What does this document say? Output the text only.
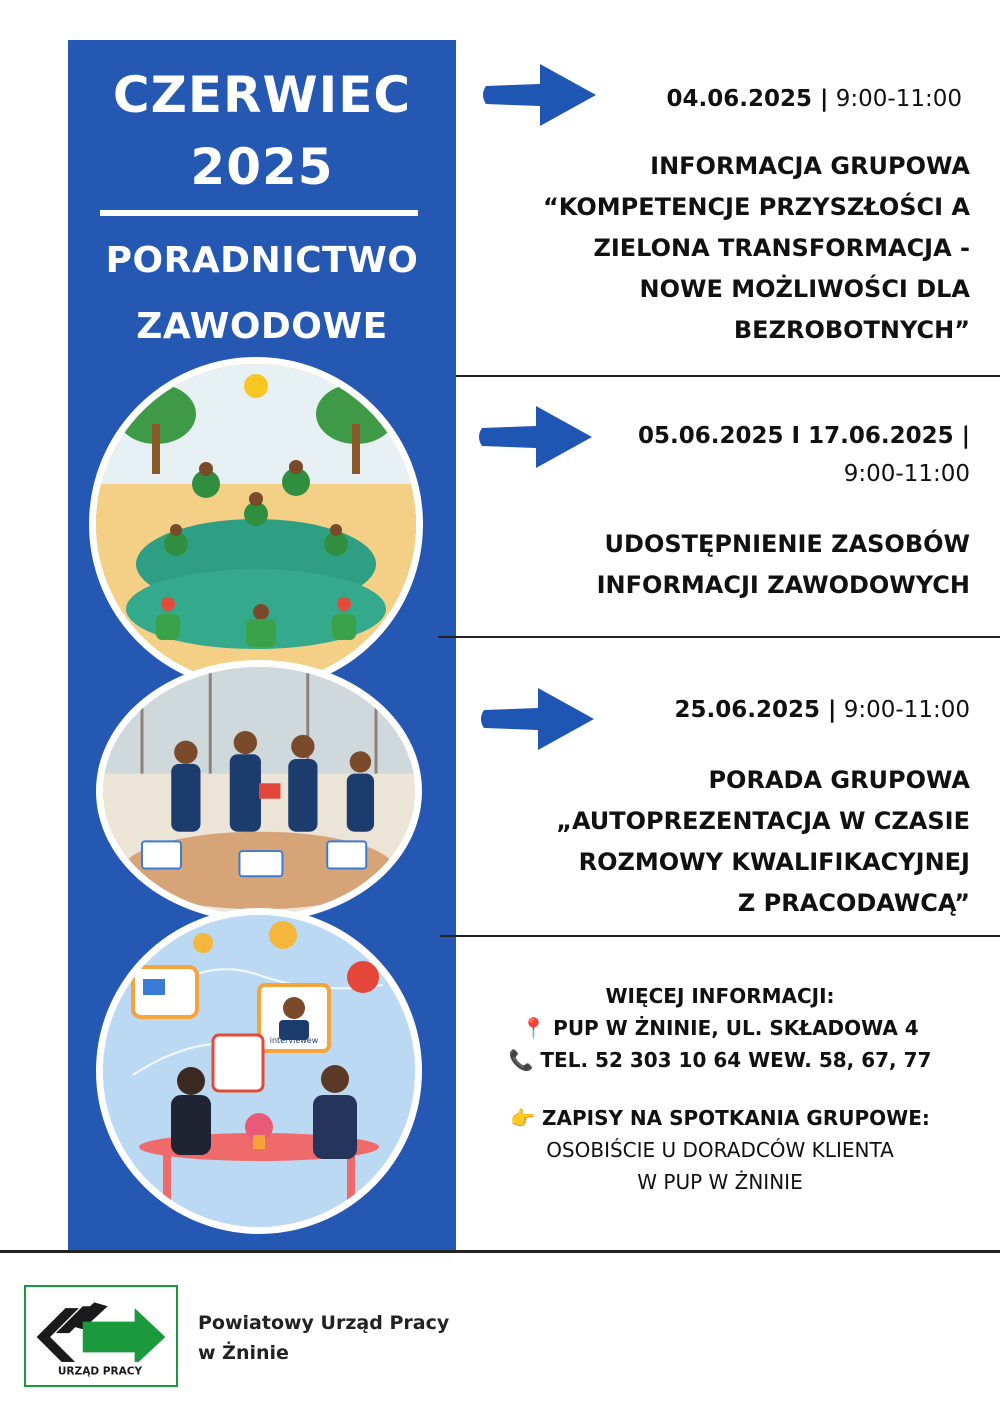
CZERWIEC
2025
PORADNICTWO
ZAWODOWE
interviewew
04.06.2025 | 9:00-11:00
INFORMACJA GRUPOWA
“KOMPETENCJE PRZYSZŁOŚCI A
ZIELONA TRANSFORMACJA -
NOWE MOŻLIWOŚCI DLA
BEZROBOTNYCH”
05.06.2025 I 17.06.2025 |
9:00-11:00
UDOSTĘPNIENIE ZASOBÓW
INFORMACJI ZAWODOWYCH
25.06.2025 | 9:00-11:00
PORADA GRUPOWA
„AUTOPREZENTACJA W CZASIE
ROZMOWY KWALIFIKACYJNEJ
Z PRACODAWCĄ”
WIĘCEJ INFORMACJI:
📍 PUP W ŻNINIE, UL. SKŁADOWA 4
📞 TEL. 52 303 10 64 WEW. 58, 67, 77
👉 ZAPISY NA SPOTKANIA GRUPOWE:
OSOBIŚCIE U DORADCÓW KLIENTA
W PUP W ŻNINIE
URZĄD PRACY
Powiatowy Urząd Pracy
w Żninie
